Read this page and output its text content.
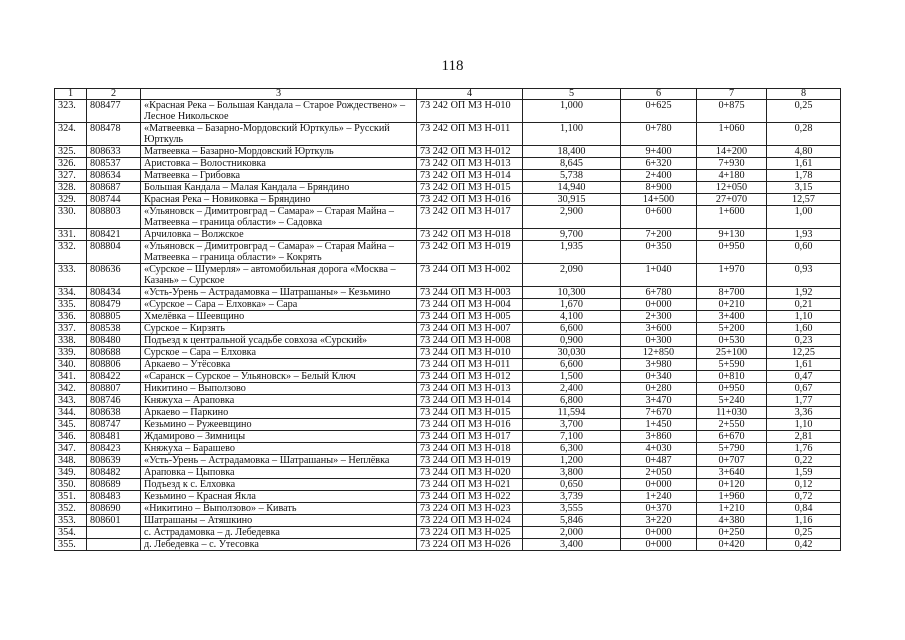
118
1	2	3	4	5	6	7	8
323.	808477	«Красная Река – Большая Кандала – Старое Рождествено» – Лесное Никольское	73 242 ОП МЗ Н-010	1,000	0+625	0+875	0,25
324.	808478	«Матвеевка – Базарно-Мордовский Юрткуль» – Русский Юрткуль	73 242 ОП МЗ Н-011	1,100	0+780	1+060	0,28
325.	808633	Матвеевка – Базарно-Мордовский Юрткуль	73 242 ОП МЗ Н-012	18,400	9+400	14+200	4,80
326.	808537	Аристовка – Волостниковка	73 242 ОП МЗ Н-013	8,645	6+320	7+930	1,61
327.	808634	Матвеевка – Грибовка	73 242 ОП МЗ Н-014	5,738	2+400	4+180	1,78
328.	808687	Большая Кандала – Малая Кандала – Бряндино	73 242 ОП МЗ Н-015	14,940	8+900	12+050	3,15
329.	808744	Красная Река – Новиковка – Бряндино	73 242 ОП МЗ Н-016	30,915	14+500	27+070	12,57
330.	808803	«Ульяновск – Димитровград – Самара» – Старая Майна – Матвеевка – граница области» – Садовка	73 242 ОП МЗ Н-017	2,900	0+600	1+600	1,00
331.	808421	Арчиловка – Волжское	73 242 ОП МЗ Н-018	9,700	7+200	9+130	1,93
332.	808804	«Ульяновск – Димитровград – Самара» – Старая Майна – Матвеевка – граница области» – Кокрять	73 242 ОП МЗ Н-019	1,935	0+350	0+950	0,60
333.	808636	«Сурское – Шумерля» – автомобильная дорога «Москва – Казань» – Сурское	73 244 ОП МЗ Н-002	2,090	1+040	1+970	0,93
334.	808434	«Усть-Урень – Астрадамовка – Шатрашаны» – Кезьмино	73 244 ОП МЗ Н-003	10,300	6+780	8+700	1,92
335.	808479	«Сурское – Сара – Елховка» – Сара	73 244 ОП МЗ Н-004	1,670	0+000	0+210	0,21
336.	808805	Хмелёвка – Шеевщино	73 244 ОП МЗ Н-005	4,100	2+300	3+400	1,10
337.	808538	Сурское – Кирзять	73 244 ОП МЗ Н-007	6,600	3+600	5+200	1,60
338.	808480	Подъезд к центральной усадьбе совхоза «Сурский»	73 244 ОП МЗ Н-008	0,900	0+300	0+530	0,23
339.	808688	Сурское – Сара – Елховка	73 244 ОП МЗ Н-010	30,030	12+850	25+100	12,25
340.	808806	Аркаево – Утёсовка	73 244 ОП МЗ Н-011	6,600	3+980	5+590	1,61
341.	808422	«Саранск – Сурское – Ульяновск» – Белый Ключ	73 244 ОП МЗ Н-012	1,500	0+340	0+810	0,47
342.	808807	Никитино – Выползово	73 244 ОП МЗ Н-013	2,400	0+280	0+950	0,67
343.	808746	Княжуха – Араповка	73 244 ОП МЗ Н-014	6,800	3+470	5+240	1,77
344.	808638	Аркаево – Паркино	73 244 ОП МЗ Н-015	11,594	7+670	11+030	3,36
345.	808747	Кезьмино – Ружеевщино	73 244 ОП МЗ Н-016	3,700	1+450	2+550	1,10
346.	808481	Ждамирово – Зимницы	73 244 ОП МЗ Н-017	7,100	3+860	6+670	2,81
347.	808423	Княжуха – Барашево	73 244 ОП МЗ Н-018	6,300	4+030	5+790	1,76
348.	808639	«Усть-Урень – Астрадамовка – Шатрашаны» – Неплёвка	73 244 ОП МЗ Н-019	1,200	0+487	0+707	0,22
349.	808482	Араповка – Цыповка	73 244 ОП МЗ Н-020	3,800	2+050	3+640	1,59
350.	808689	Подъезд к с. Елховка	73 244 ОП МЗ Н-021	0,650	0+000	0+120	0,12
351.	808483	Кезьмино – Красная Якла	73 244 ОП МЗ Н-022	3,739	1+240	1+960	0,72
352.	808690	«Никитино – Выползово» – Кивать	73 224 ОП МЗ Н-023	3,555	0+370	1+210	0,84
353.	808601	Шатрашаны – Атяшкино	73 224 ОП МЗ Н-024	5,846	3+220	4+380	1,16
354.		с. Астрадамовка – д. Лебедевка	73 224 ОП МЗ Н-025	2,000	0+000	0+250	0,25
355.		д. Лебедевка – с. Утесовка	73 224 ОП МЗ Н-026	3,400	0+000	0+420	0,42
